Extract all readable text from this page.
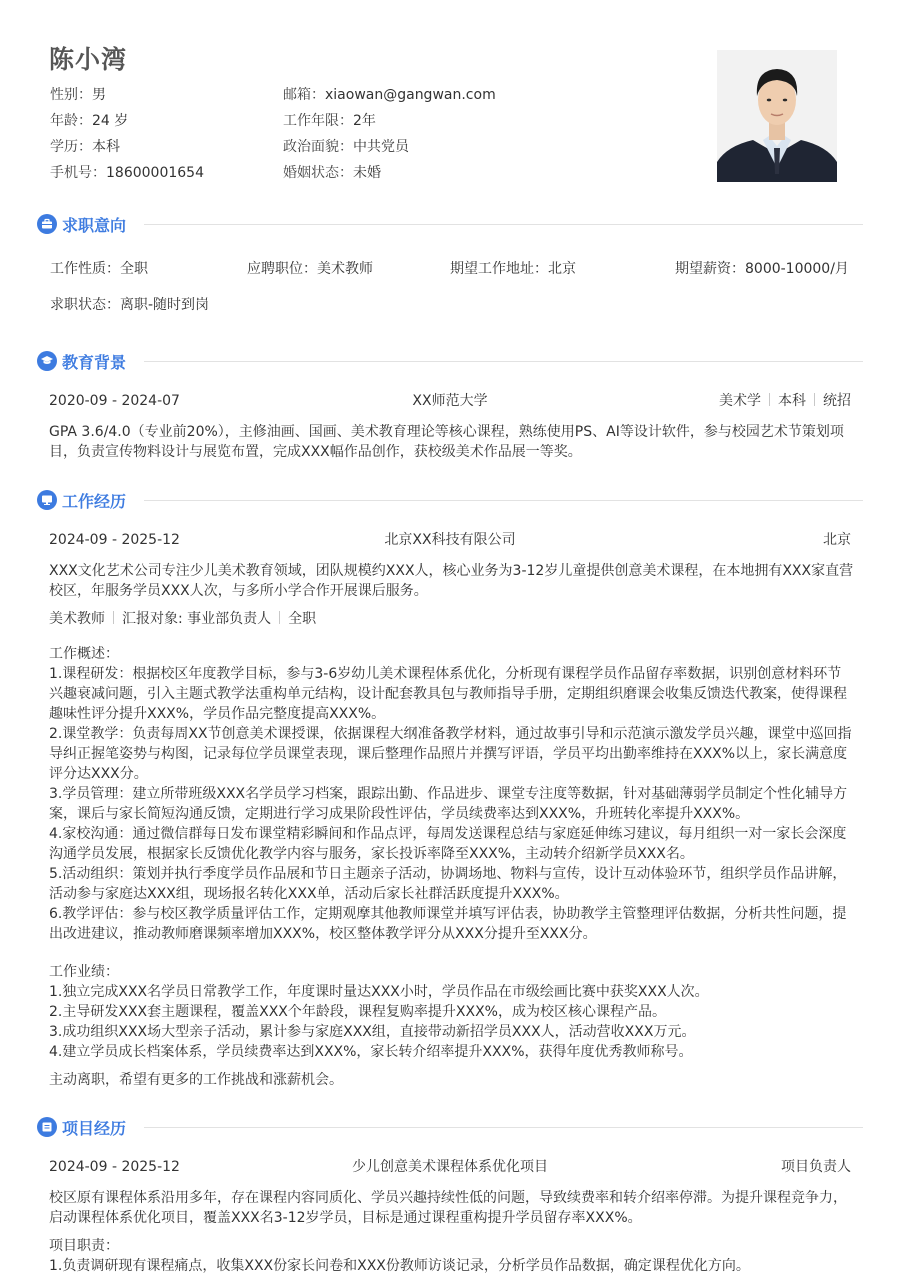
陈小湾
性别：男	邮箱：xiaowan@gangwan.com
年龄：24 岁	工作年限：2年
学历：本科	政治面貌：中共党员
手机号：18600001654	婚姻状态：未婚
求职意向
工作性质：全职	应聘职位：美术教师	期望工作地址：北京	期望薪资：8000-10000/月
求职状态：离职-随时到岗
教育背景
2020-09 - 2024-07	XX师范大学	美术学 本科 统招
GPA 3.6/4.0（专业前20%），主修油画、国画、美术教育理论等核心课程，熟练使用PS、AI等设计软件，参与校园艺术节策划项
目，负责宣传物料设计与展览布置，完成XXX幅作品创作，获校级美术作品展一等奖。
工作经历
2024-09 - 2025-12	北京XX科技有限公司	北京
XXX文化艺术公司专注少儿美术教育领域，团队规模约XXX人，核心业务为3-12岁儿童提供创意美术课程，在本地拥有XXX家直营
校区，年服务学员XXX人次，与多所小学合作开展课后服务。
美术教师 汇报对象: 事业部负责人 全职
工作概述：
1.课程研发：根据校区年度教学目标，参与3-6岁幼儿美术课程体系优化，分析现有课程学员作品留存率数据，识别创意材料环节
兴趣衰减问题，引入主题式教学法重构单元结构，设计配套教具包与教师指导手册，定期组织磨课会收集反馈迭代教案，使得课程
趣味性评分提升XXX%，学员作品完整度提高XXX%。
2.课堂教学：负责每周XX节创意美术课授课，依据课程大纲准备教学材料，通过故事引导和示范演示激发学员兴趣，课堂中巡回指
导纠正握笔姿势与构图，记录每位学员课堂表现，课后整理作品照片并撰写评语，学员平均出勤率维持在XXX%以上，家长满意度
评分达XXX分。
3.学员管理：建立所带班级XXX名学员学习档案，跟踪出勤、作品进步、课堂专注度等数据，针对基础薄弱学员制定个性化辅导方
案，课后与家长简短沟通反馈，定期进行学习成果阶段性评估，学员续费率达到XXX%，升班转化率提升XXX%。
4.家校沟通：通过微信群每日发布课堂精彩瞬间和作品点评，每周发送课程总结与家庭延伸练习建议，每月组织一对一家长会深度
沟通学员发展，根据家长反馈优化教学内容与服务，家长投诉率降至XXX%，主动转介绍新学员XXX名。
5.活动组织：策划并执行季度学员作品展和节日主题亲子活动，协调场地、物料与宣传，设计互动体验环节，组织学员作品讲解，
活动参与家庭达XXX组，现场报名转化XXX单，活动后家长社群活跃度提升XXX%。
6.教学评估：参与校区教学质量评估工作，定期观摩其他教师课堂并填写评估表，协助教学主管整理评估数据，分析共性问题，提
出改进建议，推动教师磨课频率增加XXX%，校区整体教学评分从XXX分提升至XXX分。
工作业绩：
1.独立完成XXX名学员日常教学工作，年度课时量达XXX小时，学员作品在市级绘画比赛中获奖XXX人次。
2.主导研发XXX套主题课程，覆盖XXX个年龄段，课程复购率提升XXX%，成为校区核心课程产品。
3.成功组织XXX场大型亲子活动，累计参与家庭XXX组，直接带动新招学员XXX人，活动营收XXX万元。
4.建立学员成长档案体系，学员续费率达到XXX%，家长转介绍率提升XXX%，获得年度优秀教师称号。
主动离职，希望有更多的工作挑战和涨薪机会。
项目经历
2024-09 - 2025-12	少儿创意美术课程体系优化项目	项目负责人
校区原有课程体系沿用多年，存在课程内容同质化、学员兴趣持续性低的问题，导致续费率和转介绍率停滞。为提升课程竞争力，
启动课程体系优化项目，覆盖XXX名3-12岁学员，目标是通过课程重构提升学员留存率XXX%。
项目职责：
1.负责调研现有课程痛点，收集XXX份家长问卷和XXX份教师访谈记录，分析学员作品数据，确定课程优化方向。
